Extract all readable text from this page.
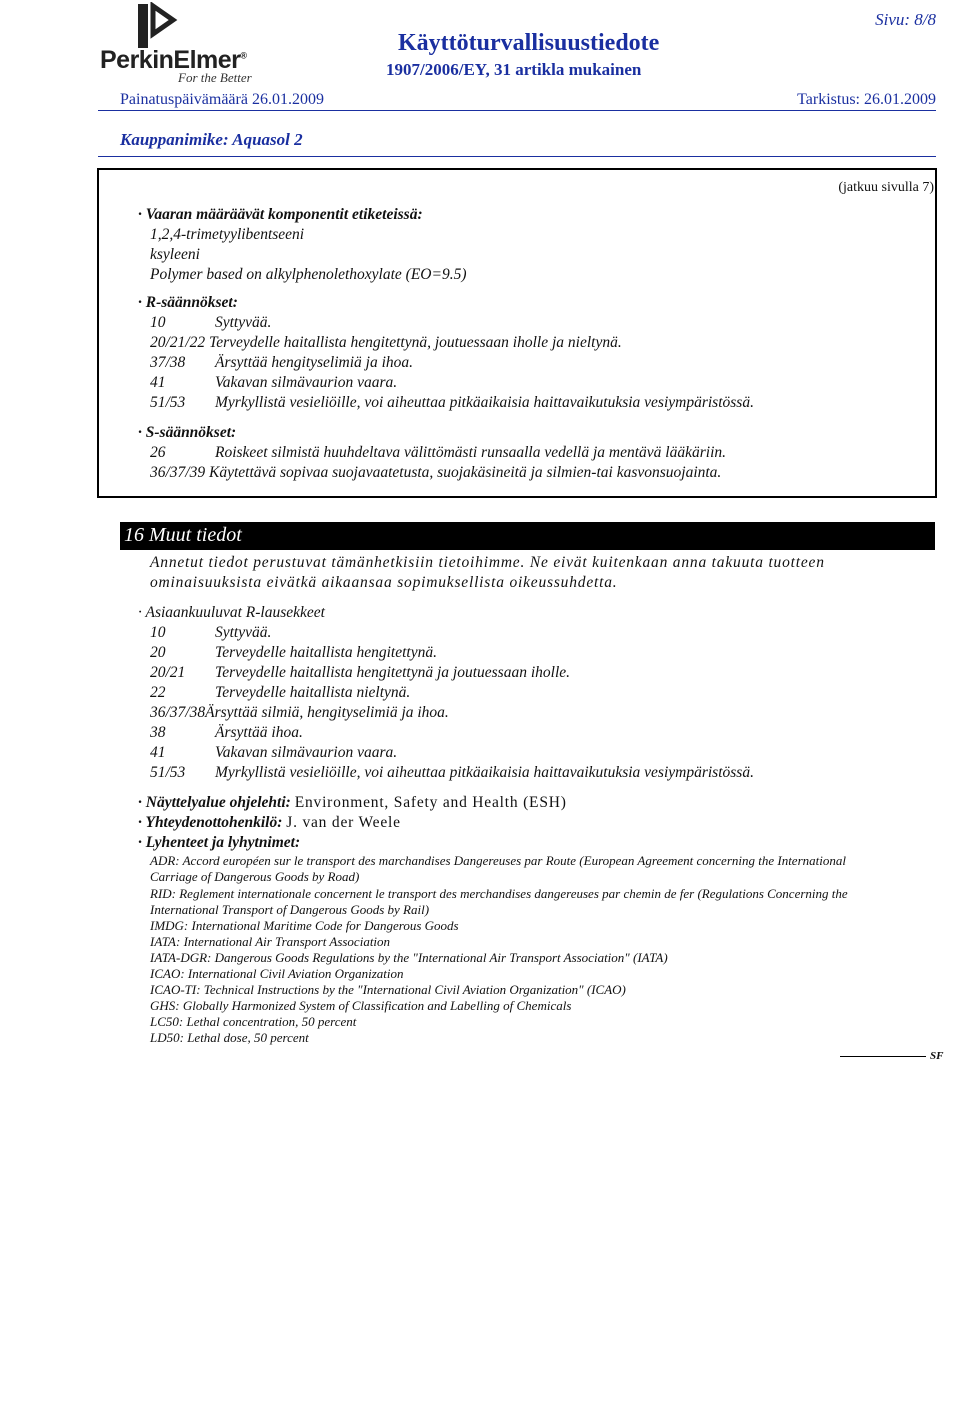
PerkinElmer®
For the Better
Käyttöturvallisuustiedote
1907/2006/EY, 31 artikla mukainen
Sivu: 8/8
Painatuspäivämäärä 26.01.2009	Tarkistus: 26.01.2009
Kauppanimike: Aquasol 2
(jatkuu sivulla 7)
· Vaaran määräävät komponentit etiketeissä:
1,2,4-trimetyylibentseeni
ksyleeni
Polymer based on alkylphenolethoxylate (EO=9.5)
· R-säännökset:
10	Syttyvää.
20/21/22 Terveydelle haitallista hengitettynä, joutuessaan iholle ja nieltynä.
37/38 Ärsyttää hengityselimiä ja ihoa.
41	Vakavan silmävaurion vaara.
51/53 Myrkyllistä vesieliöille, voi aiheuttaa pitkäaikaisia haittavaikutuksia vesiympäristössä.
· S-säännökset:
26	Roiskeet silmistä huuhdeltava välittömästi runsaalla vedellä ja mentävä lääkäriin.
36/37/39 Käytettävä sopivaa suojavaatetusta, suojakäsineitä ja silmien-tai kasvonsuojainta.
16 Muut tiedot
Annetut tiedot perustuvat tämänhetkisiin tietoihimme. Ne eivät kuitenkaan anna takuuta tuotteen
ominaisuuksista eivätkä aikaansaa sopimuksellista oikeussuhdetta.
· Asiaankuuluvat R-lausekkeet
10	Syttyvää.
20	Terveydelle haitallista hengitettynä.
20/21 Terveydelle haitallista hengitettynä ja joutuessaan iholle.
22	Terveydelle haitallista nieltynä.
36/37/38Ärsyttää silmiä, hengityselimiä ja ihoa.
38	Ärsyttää ihoa.
41	Vakavan silmävaurion vaara.
51/53 Myrkyllistä vesieliöille, voi aiheuttaa pitkäaikaisia haittavaikutuksia vesiympäristössä.
· Näyttelyalue ohjelehti: Environment, Safety and Health (ESH)
· Yhteydenottohenkilö: J. van der Weele
· Lyhenteet ja lyhytnimet:
ADR: Accord européen sur le transport des marchandises Dangereuses par Route (European Agreement concerning the International
Carriage of Dangerous Goods by Road)
RID: Reglement internationale concernent le transport des merchandises dangereuses par chemin de fer (Regulations Concerning the
International Transport of Dangerous Goods by Rail)
IMDG: International Maritime Code for Dangerous Goods
IATA: International Air Transport Association
IATA-DGR: Dangerous Goods Regulations by the "International Air Transport Association" (IATA)
ICAO: International Civil Aviation Organization
ICAO-TI: Technical Instructions by the "International Civil Aviation Organization" (ICAO)
GHS: Globally Harmonized System of Classification and Labelling of Chemicals
LC50: Lethal concentration, 50 percent
LD50: Lethal dose, 50 percent
SF
